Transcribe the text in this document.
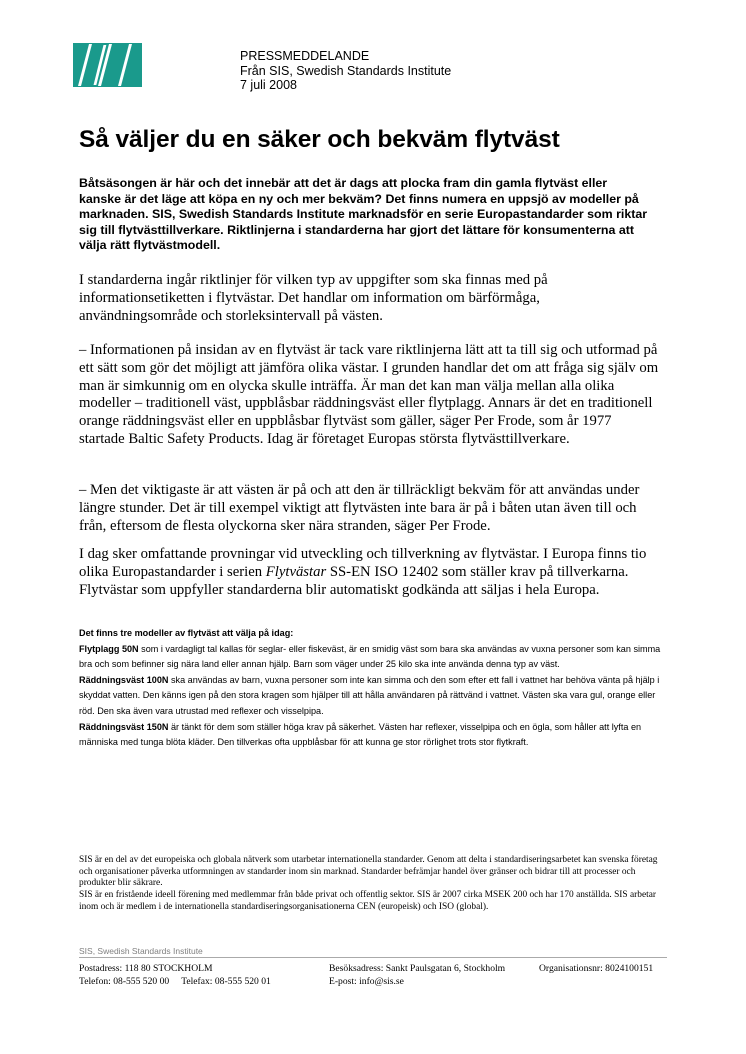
PRESSMEDDELANDE
Från SIS, Swedish Standards Institute
7 juli 2008
Så väljer du en säker och bekväm flytväst
Båtsäsongen är här och det innebär att det är dags att plocka fram din gamla flytväst eller kanske är det läge att köpa en ny och mer bekväm? Det finns numera en uppsjö av modeller på marknaden. SIS, Swedish Standards Institute marknadsför en serie Europastandarder som riktar sig till flytvästtillverkare. Riktlinjerna i standarderna har gjort det lättare för konsumenterna att välja rätt flytvästmodell.
I standarderna ingår riktlinjer för vilken typ av uppgifter som ska finnas med på informationsetiketten i flytvästar. Det handlar om information om bärförmåga, användningsområde och storleksintervall på västen.
– Informationen på insidan av en flytväst är tack vare riktlinjerna lätt att ta till sig och utformad på ett sätt som gör det möjligt att jämföra olika västar. I grunden handlar det om att fråga sig själv om man är simkunnig om en olycka skulle inträffa. Är man det kan man välja mellan alla olika modeller – traditionell väst, uppblåsbar räddningsväst eller flytplagg. Annars är det en traditionell orange räddningsväst eller en uppblåsbar flytväst som gäller, säger Per Frode, som år 1977 startade Baltic Safety Products. Idag är företaget Europas största flytvästtillverkare.
– Men det viktigaste är att västen är på och att den är tillräckligt bekväm för att användas under längre stunder. Det är till exempel viktigt att flytvästen inte bara är på i båten utan även till och från, eftersom de flesta olyckorna sker nära stranden, säger Per Frode.
I dag sker omfattande provningar vid utveckling och tillverkning av flytvästar. I Europa finns tio olika Europastandarder i serien Flytvästar SS-EN ISO 12402 som ställer krav på tillverkarna. Flytvästar som uppfyller standarderna blir automatiskt godkända att säljas i hela Europa.
Det finns tre modeller av flytväst att välja på idag:
Flytplagg 50N som i vardagligt tal kallas för seglar- eller fiskeväst, är en smidig väst som bara ska användas av vuxna personer som kan simma bra och som befinner sig nära land eller annan hjälp. Barn som väger under 25 kilo ska inte använda denna typ av väst.
Räddningsväst 100N ska användas av barn, vuxna personer som inte kan simma och den som efter ett fall i vattnet har behöva vänta på hjälp i skyddat vatten. Den känns igen på den stora kragen som hjälper till att hålla användaren på rättvänd i vattnet. Västen ska vara gul, orange eller röd. Den ska även vara utrustad med reflexer och visselpipa.
Räddningsväst 150N är tänkt för dem som ställer höga krav på säkerhet. Västen har reflexer, visselpipa och en ögla, som håller att lyfta en människa med tunga blöta kläder. Den tillverkas ofta uppblåsbar för att kunna ge stor rörlighet trots stor flytkraft.
SIS är en del av det europeiska och globala nätverk som utarbetar internationella standarder. Genom att delta i standardiseringsarbetet kan svenska företag och organisationer påverka utformningen av standarder inom sin marknad. Standarder befrämjar handel över gränser och bidrar till att processer och produkter blir säkrare.
SIS är en fristående ideell förening med medlemmar från både privat och offentlig sektor. SIS är 2007 cirka MSEK 200 och har 170 anställda. SIS arbetar inom och är medlem i de internationella standardiseringsorganisationerna CEN (europeisk) och ISO (global).
SIS, Swedish Standards Institute
Postadress: 118 80 STOCKHOLM	Besöksadress: Sankt Paulsgatan 6, Stockholm	Organisationsnr: 8024100151
Telefon: 08-555 520 00 Telefax: 08-555 520 01	E-post: info@sis.se
